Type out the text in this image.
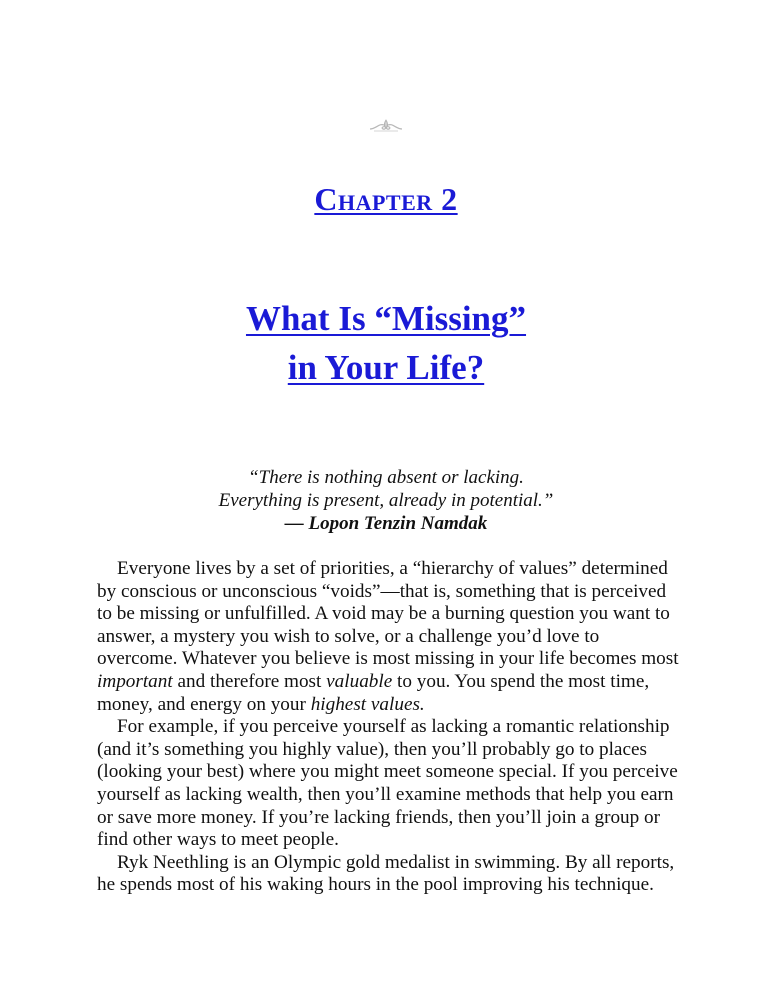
Chapter 2
What Is “Missing”
in Your Life?
“There is nothing absent or lacking.
Everything is present, already in potential.”
— Lopon Tenzin Namdak

Everyone lives by a set of priorities, a “hierarchy of values” determined
by conscious or unconscious “voids”—that is, something that is perceived
to be missing or unfulfilled. A void may be a burning question you want to
answer, a mystery you wish to solve, or a challenge you’d love to
overcome. Whatever you believe is most missing in your life becomes most
important and therefore most valuable to you. You spend the most time,
money, and energy on your highest values.

For example, if you perceive yourself as lacking a romantic relationship
(and it’s something you highly value), then you’ll probably go to places
(looking your best) where you might meet someone special. If you perceive
yourself as lacking wealth, then you’ll examine methods that help you earn
or save more money. If you’re lacking friends, then you’ll join a group or
find other ways to meet people.

Ryk Neethling is an Olympic gold medalist in swimming. By all reports,
he spends most of his waking hours in the pool improving his technique.
